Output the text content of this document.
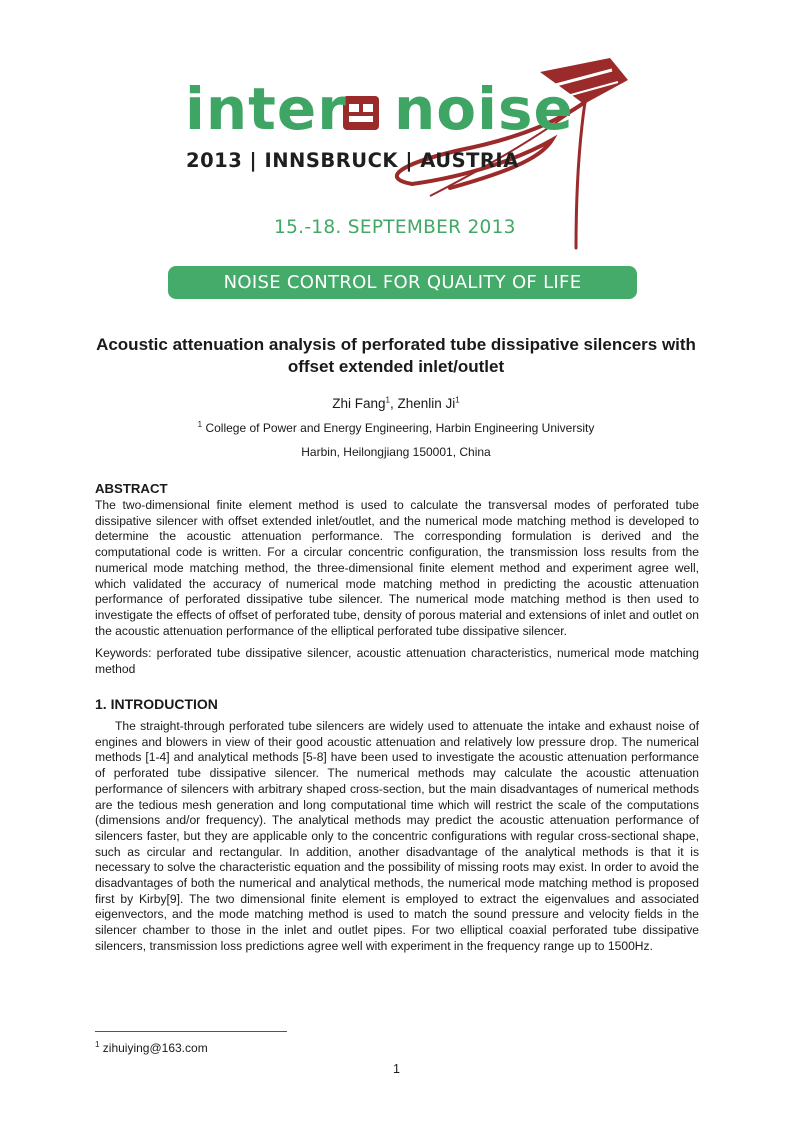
inter noise
2013 | INNSBRUCK | AUSTRIA
15.-18. SEPTEMBER 2013
NOISE CONTROL FOR QUALITY OF LIFE
Acoustic attenuation analysis of perforated tube dissipative silencers with offset extended inlet/outlet
Zhi Fang$^1$, Zhenlin Ji$^1$
$^1$ College of Power and Energy Engineering, Harbin Engineering University
Harbin, Heilongjiang 150001, China
ABSTRACT
The two-dimensional finite element method is used to calculate the transversal modes of perforated tube dissipative silencer with offset extended inlet/outlet, and the numerical mode matching method is developed to determine the acoustic attenuation performance. The corresponding formulation is derived and the computational code is written. For a circular concentric configuration, the transmission loss results from the numerical mode matching method, the three-dimensional finite element method and experiment agree well, which validated the accuracy of numerical mode matching method in predicting the acoustic attenuation performance of perforated dissipative tube silencer. The numerical mode matching method is then used to investigate the effects of offset of perforated tube, density of porous material and extensions of inlet and outlet on the acoustic attenuation performance of the elliptical perforated tube dissipative silencer.
Keywords: perforated tube dissipative silencer, acoustic attenuation characteristics, numerical mode matching method
1. INTRODUCTION
The straight-through perforated tube silencers are widely used to attenuate the intake and exhaust noise of engines and blowers in view of their good acoustic attenuation and relatively low pressure drop. The numerical methods [1-4] and analytical methods [5-8] have been used to investigate the acoustic attenuation performance of perforated tube dissipative silencer. The numerical methods may calculate the acoustic attenuation performance of silencers with arbitrary shaped cross-section, but the main disadvantages of numerical methods are the tedious mesh generation and long computational time which will restrict the scale of the computations (dimensions and/or frequency). The analytical methods may predict the acoustic attenuation performance of silencers faster, but they are applicable only to the concentric configurations with regular cross-sectional shape, such as circular and rectangular. In addition, another disadvantage of the analytical methods is that it is necessary to solve the characteristic equation and the possibility of missing roots may exist. In order to avoid the disadvantages of both the numerical and analytical methods, the numerical mode matching method is proposed first by Kirby[9]. The two dimensional finite element is employed to extract the eigenvalues and associated eigenvectors, and the mode matching method is used to match the sound pressure and velocity fields in the silencer chamber to those in the inlet and outlet pipes. For two elliptical coaxial perforated tube dissipative silencers, transmission loss predictions agree well with experiment in the frequency range up to 1500Hz.
$^1$ zihuiying@163.com
1
